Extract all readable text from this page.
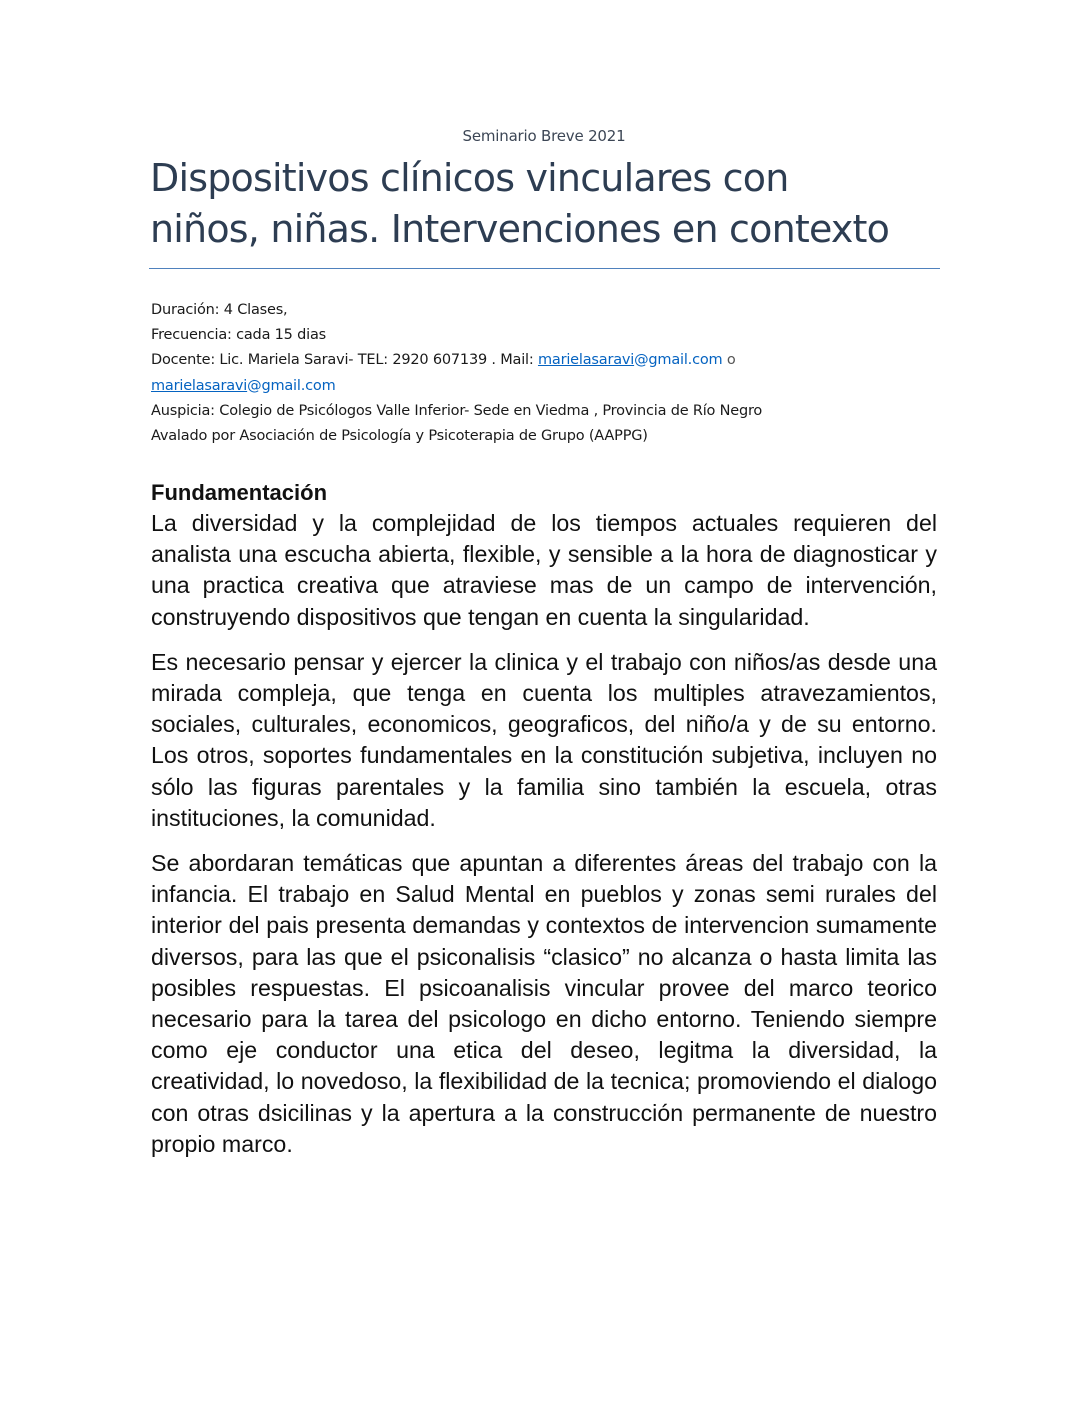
Seminario Breve 2021
Dispositivos clínicos vinculares con
niños, niñas. Intervenciones en contexto
Duración: 4 Clases,
Frecuencia: cada 15 dias
Docente: Lic. Mariela Saravi- TEL: 2920 607139 . Mail: marielasaravi@gmail.com o
marielasaravi@gmail.com
Auspicia: Colegio de Psicólogos Valle Inferior- Sede en Viedma , Provincia de Río Negro
Avalado por Asociación de Psicología y Psicoterapia de Grupo (AAPPG)
Fundamentación

La diversidad y la complejidad de los tiempos actuales requieren del analista una escucha abierta, flexible, y sensible a la hora de diagnosticar y una practica creativa que atraviese mas de un campo de intervención, construyendo dispositivos que tengan en cuenta la singularidad.

Es necesario pensar y ejercer la clinica y el trabajo con niños/as desde una mirada compleja, que tenga en cuenta los multiples atravezamientos, sociales, culturales, economicos, geograficos, del niño/a y de su entorno. Los otros, soportes fundamentales en la constitución subjetiva, incluyen no sólo las figuras parentales y la familia sino también la escuela, otras instituciones, la comunidad.

Se abordaran temáticas que apuntan a diferentes áreas del trabajo con la infancia. El trabajo en Salud Mental en pueblos y zonas semi rurales del interior del pais presenta demandas y contextos de intervencion sumamente diversos, para las que el psiconalisis “clasico” no alcanza o hasta limita las posibles respuestas. El psicoanalisis vincular provee del marco teorico necesario para la tarea del psicologo en dicho entorno. Teniendo siempre como eje conductor una etica del deseo, legitma la diversidad, la creatividad, lo novedoso, la flexibilidad de la tecnica; promoviendo el dialogo con otras dsicilinas y la apertura a la construcción permanente de nuestro propio marco.
